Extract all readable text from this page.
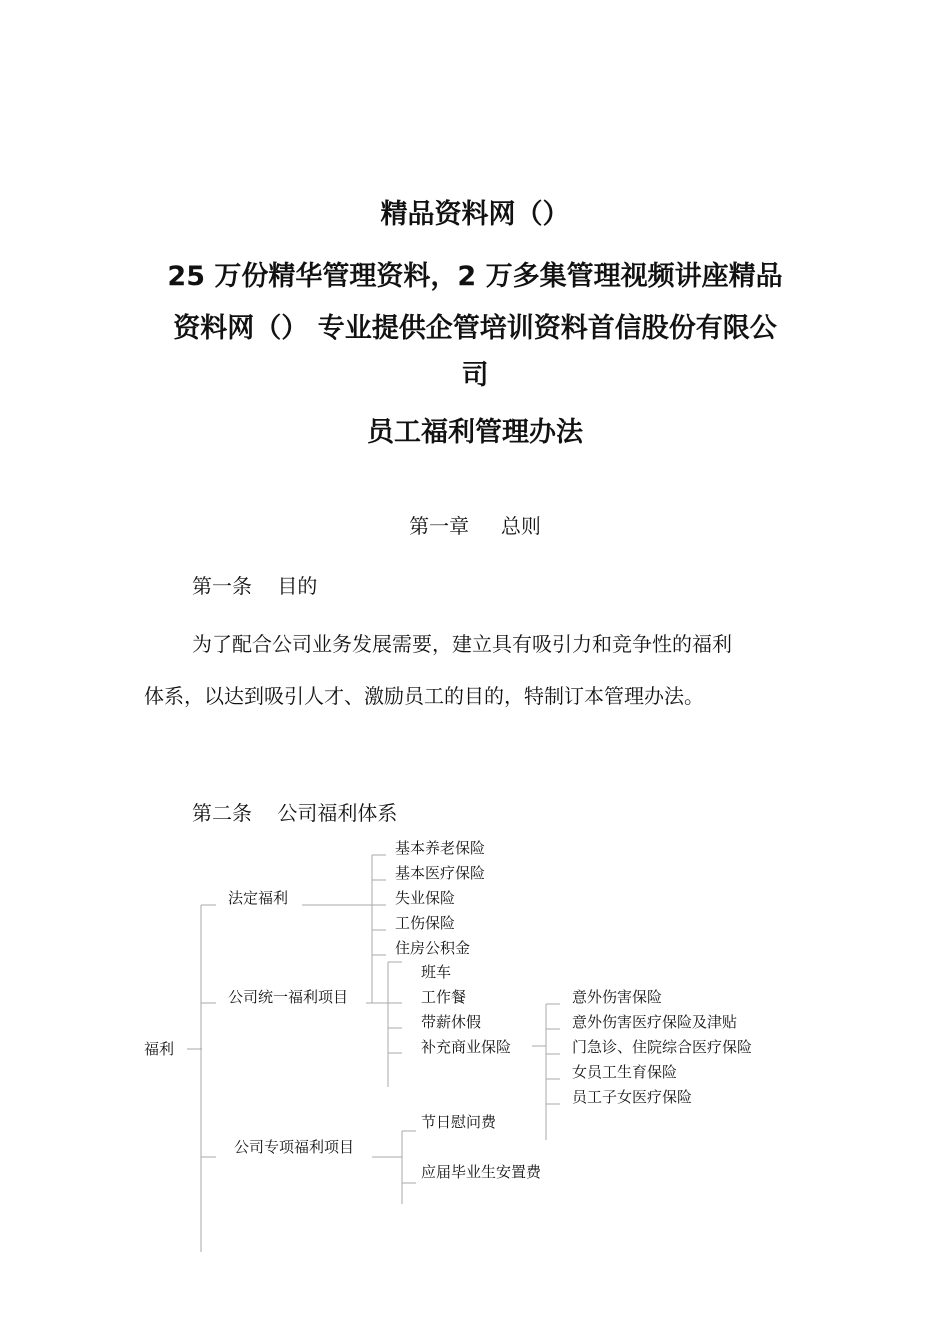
精品资料网（）
25 万份精华管理资料，2 万多集管理视频讲座精品
资料网（） 专业提供企管培训资料首信股份有限公
司
员工福利管理办法
第一章     总则
第一条    目的
为了配合公司业务发展需要，建立具有吸引力和竞争性的福利
体系，以达到吸引人才、激励员工的目的，特制订本管理办法。
第二条    公司福利体系
福利
法定福利
基本养老保险
基本医疗保险
失业保险
工伤保险
住房公积金
公司统一福利项目
班车
工作餐
带薪休假
补充商业保险
意外伤害保险
意外伤害医疗保险及津贴
门急诊、住院综合医疗保险
女员工生育保险
员工子女医疗保险
公司专项福利项目
节日慰问费
应届毕业生安置费
